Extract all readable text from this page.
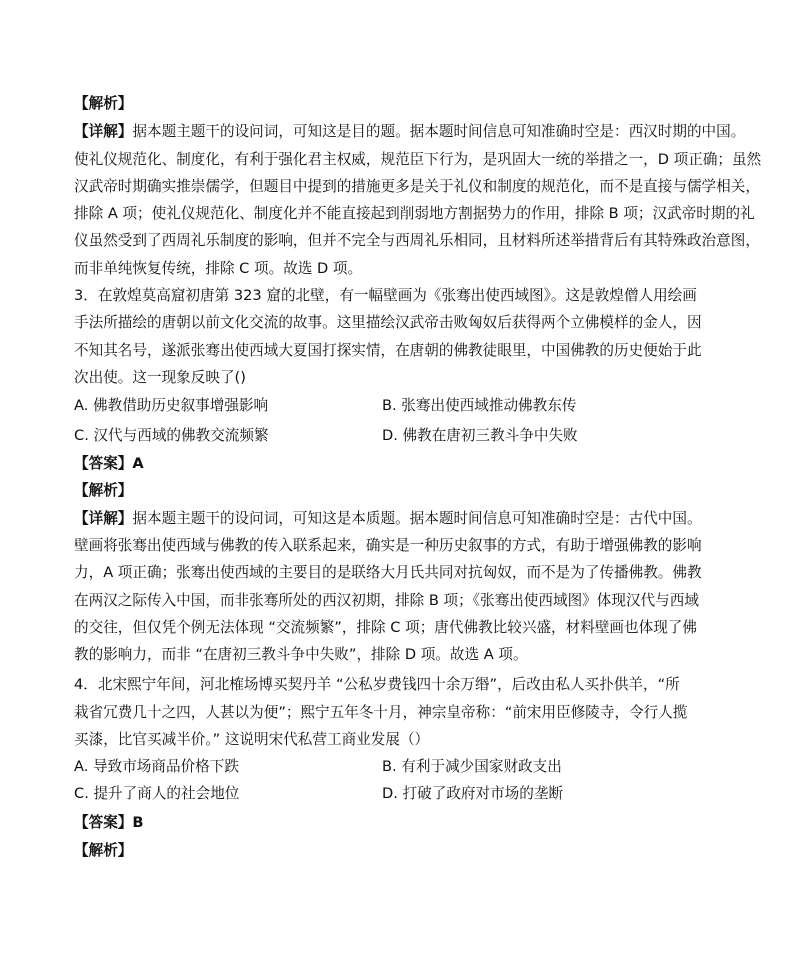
【解析】
【详解】据本题主题干的设问词，可知这是目的题。据本题时间信息可知准确时空是：西汉时期的中国。
使礼仪规范化、制度化，有利于强化君主权威，规范臣下行为，是巩固大一统的举措之一，D 项正确；虽然
汉武帝时期确实推崇儒学，但题目中提到的措施更多是关于礼仪和制度的规范化，而不是直接与儒学相关，
排除 A 项；使礼仪规范化、制度化并不能直接起到削弱地方割据势力的作用，排除 B 项；汉武帝时期的礼
仪虽然受到了西周礼乐制度的影响，但并不完全与西周礼乐相同，且材料所述举措背后有其特殊政治意图，
而非单纯恢复传统，排除 C 项。故选 D 项。
3．在敦煌莫高窟初唐第 323 窟的北壁，有一幅壁画为《张骞出使西域图》。这是敦煌僧人用绘画
手法所描绘的唐朝以前文化交流的故事。这里描绘汉武帝击败匈奴后获得两个立佛模样的金人，因
不知其名号，遂派张骞出使西域大夏国打探实情，在唐朝的佛教徒眼里，中国佛教的历史便始于此
次出使。这一现象反映了()
A. 佛教借助历史叙事增强影响	B. 张骞出使西域推动佛教东传
C. 汉代与西域的佛教交流频繁	D. 佛教在唐初三教斗争中失败
【答案】A
【解析】
【详解】据本题主题干的设问词，可知这是本质题。据本题时间信息可知准确时空是：古代中国。
壁画将张骞出使西域与佛教的传入联系起来，确实是一种历史叙事的方式，有助于增强佛教的影响
力，A 项正确；张骞出使西域的主要目的是联络大月氏共同对抗匈奴，而不是为了传播佛教。佛教
在两汉之际传入中国，而非张骞所处的西汉初期，排除 B 项；《张骞出使西域图》体现汉代与西域
的交往，但仅凭个例无法体现 “交流频繁”，排除 C 项；唐代佛教比较兴盛，材料壁画也体现了佛
教的影响力，而非 “在唐初三教斗争中失败”，排除 D 项。故选 A 项。
4．北宋熙宁年间，河北榷场博买契丹羊 “公私岁费钱四十余万缗”，后改由私人买扑供羊，“所
栽省冗费几十之四，人甚以为便”；熙宁五年冬十月，神宗皇帝称：“前宋用臣修陵寺，令行人揽
买漆，比官买减半价。” 这说明宋代私营工商业发展（）
A. 导致市场商品价格下跌	B. 有利于减少国家财政支出
C. 提升了商人的社会地位	D. 打破了政府对市场的垄断
【答案】B
【解析】
